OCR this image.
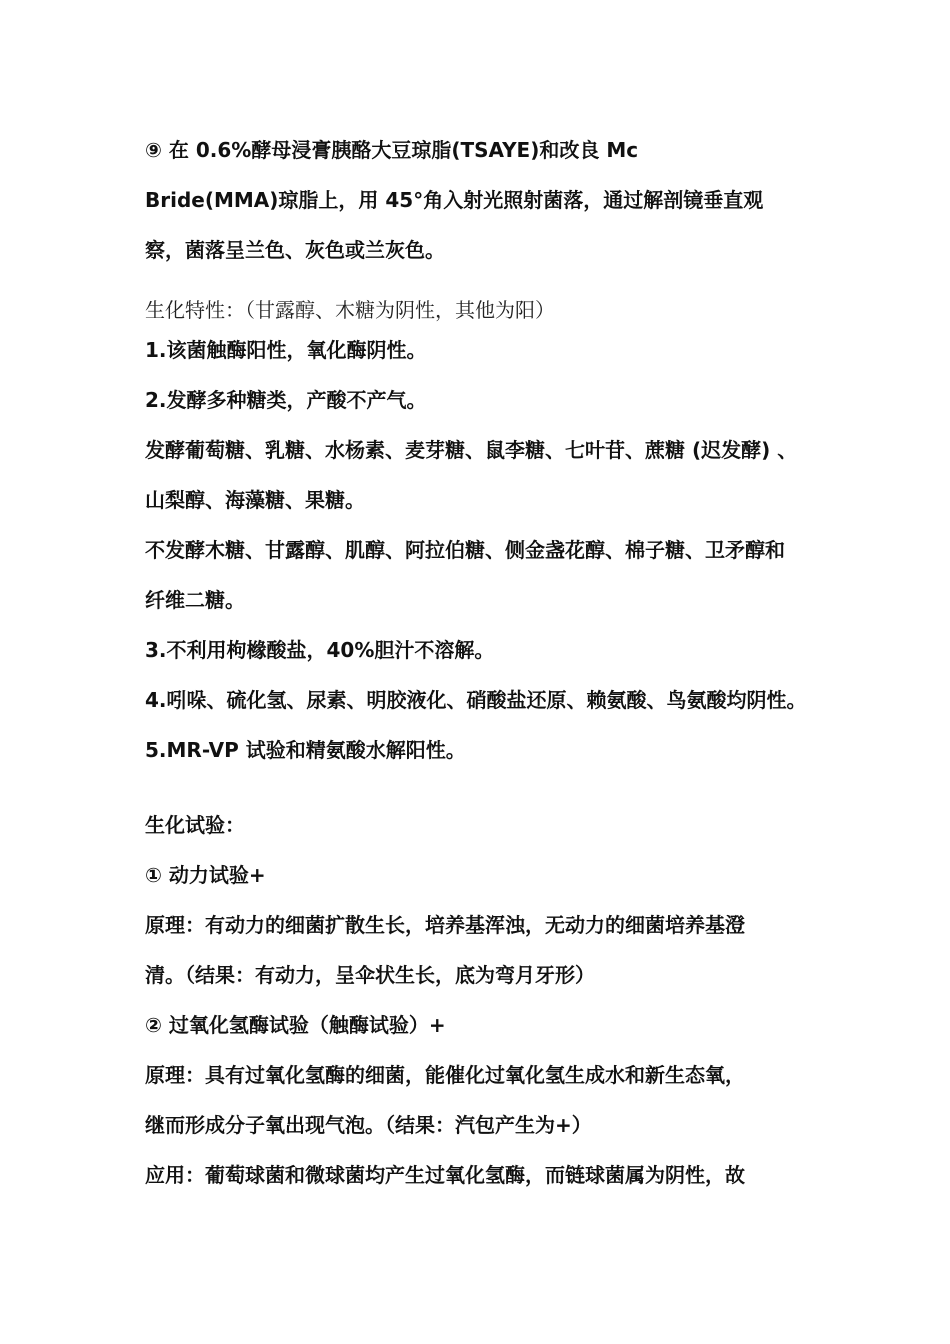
⑨ 在 0.6%酵母浸膏胰酪大豆琼脂(TSAYE)和改良 Mc
Bride(MMA)琼脂上，用 45°角入射光照射菌落，通过解剖镜垂直观
察，菌落呈兰色、灰色或兰灰色。
生化特性：（甘露醇、木糖为阴性，其他为阳）
1.该菌触酶阳性，氧化酶阴性。
2.发酵多种糖类，产酸不产气。
发酵葡萄糖、乳糖、水杨素、麦芽糖、鼠李糖、七叶苷、蔗糖 (迟发酵) 、
山梨醇、海藻糖、果糖。
不发酵木糖、甘露醇、肌醇、阿拉伯糖、侧金盏花醇、棉子糖、卫矛醇和
纤维二糖。
3.不利用枸橼酸盐，40%胆汁不溶解。
4.吲哚、硫化氢、尿素、明胶液化、硝酸盐还原、赖氨酸、鸟氨酸均阴性。
5.MR-VP 试验和精氨酸水解阳性。
生化试验：
① 动力试验+
原理：有动力的细菌扩散生长，培养基浑浊，无动力的细菌培养基澄
清。（结果：有动力，呈伞状生长，底为弯月牙形）
② 过氧化氢酶试验（触酶试验）+
原理：具有过氧化氢酶的细菌，能催化过氧化氢生成水和新生态氧，
继而形成分子氧出现气泡。（结果：汽包产生为+）
应用：葡萄球菌和微球菌均产生过氧化氢酶，而链球菌属为阴性，故
